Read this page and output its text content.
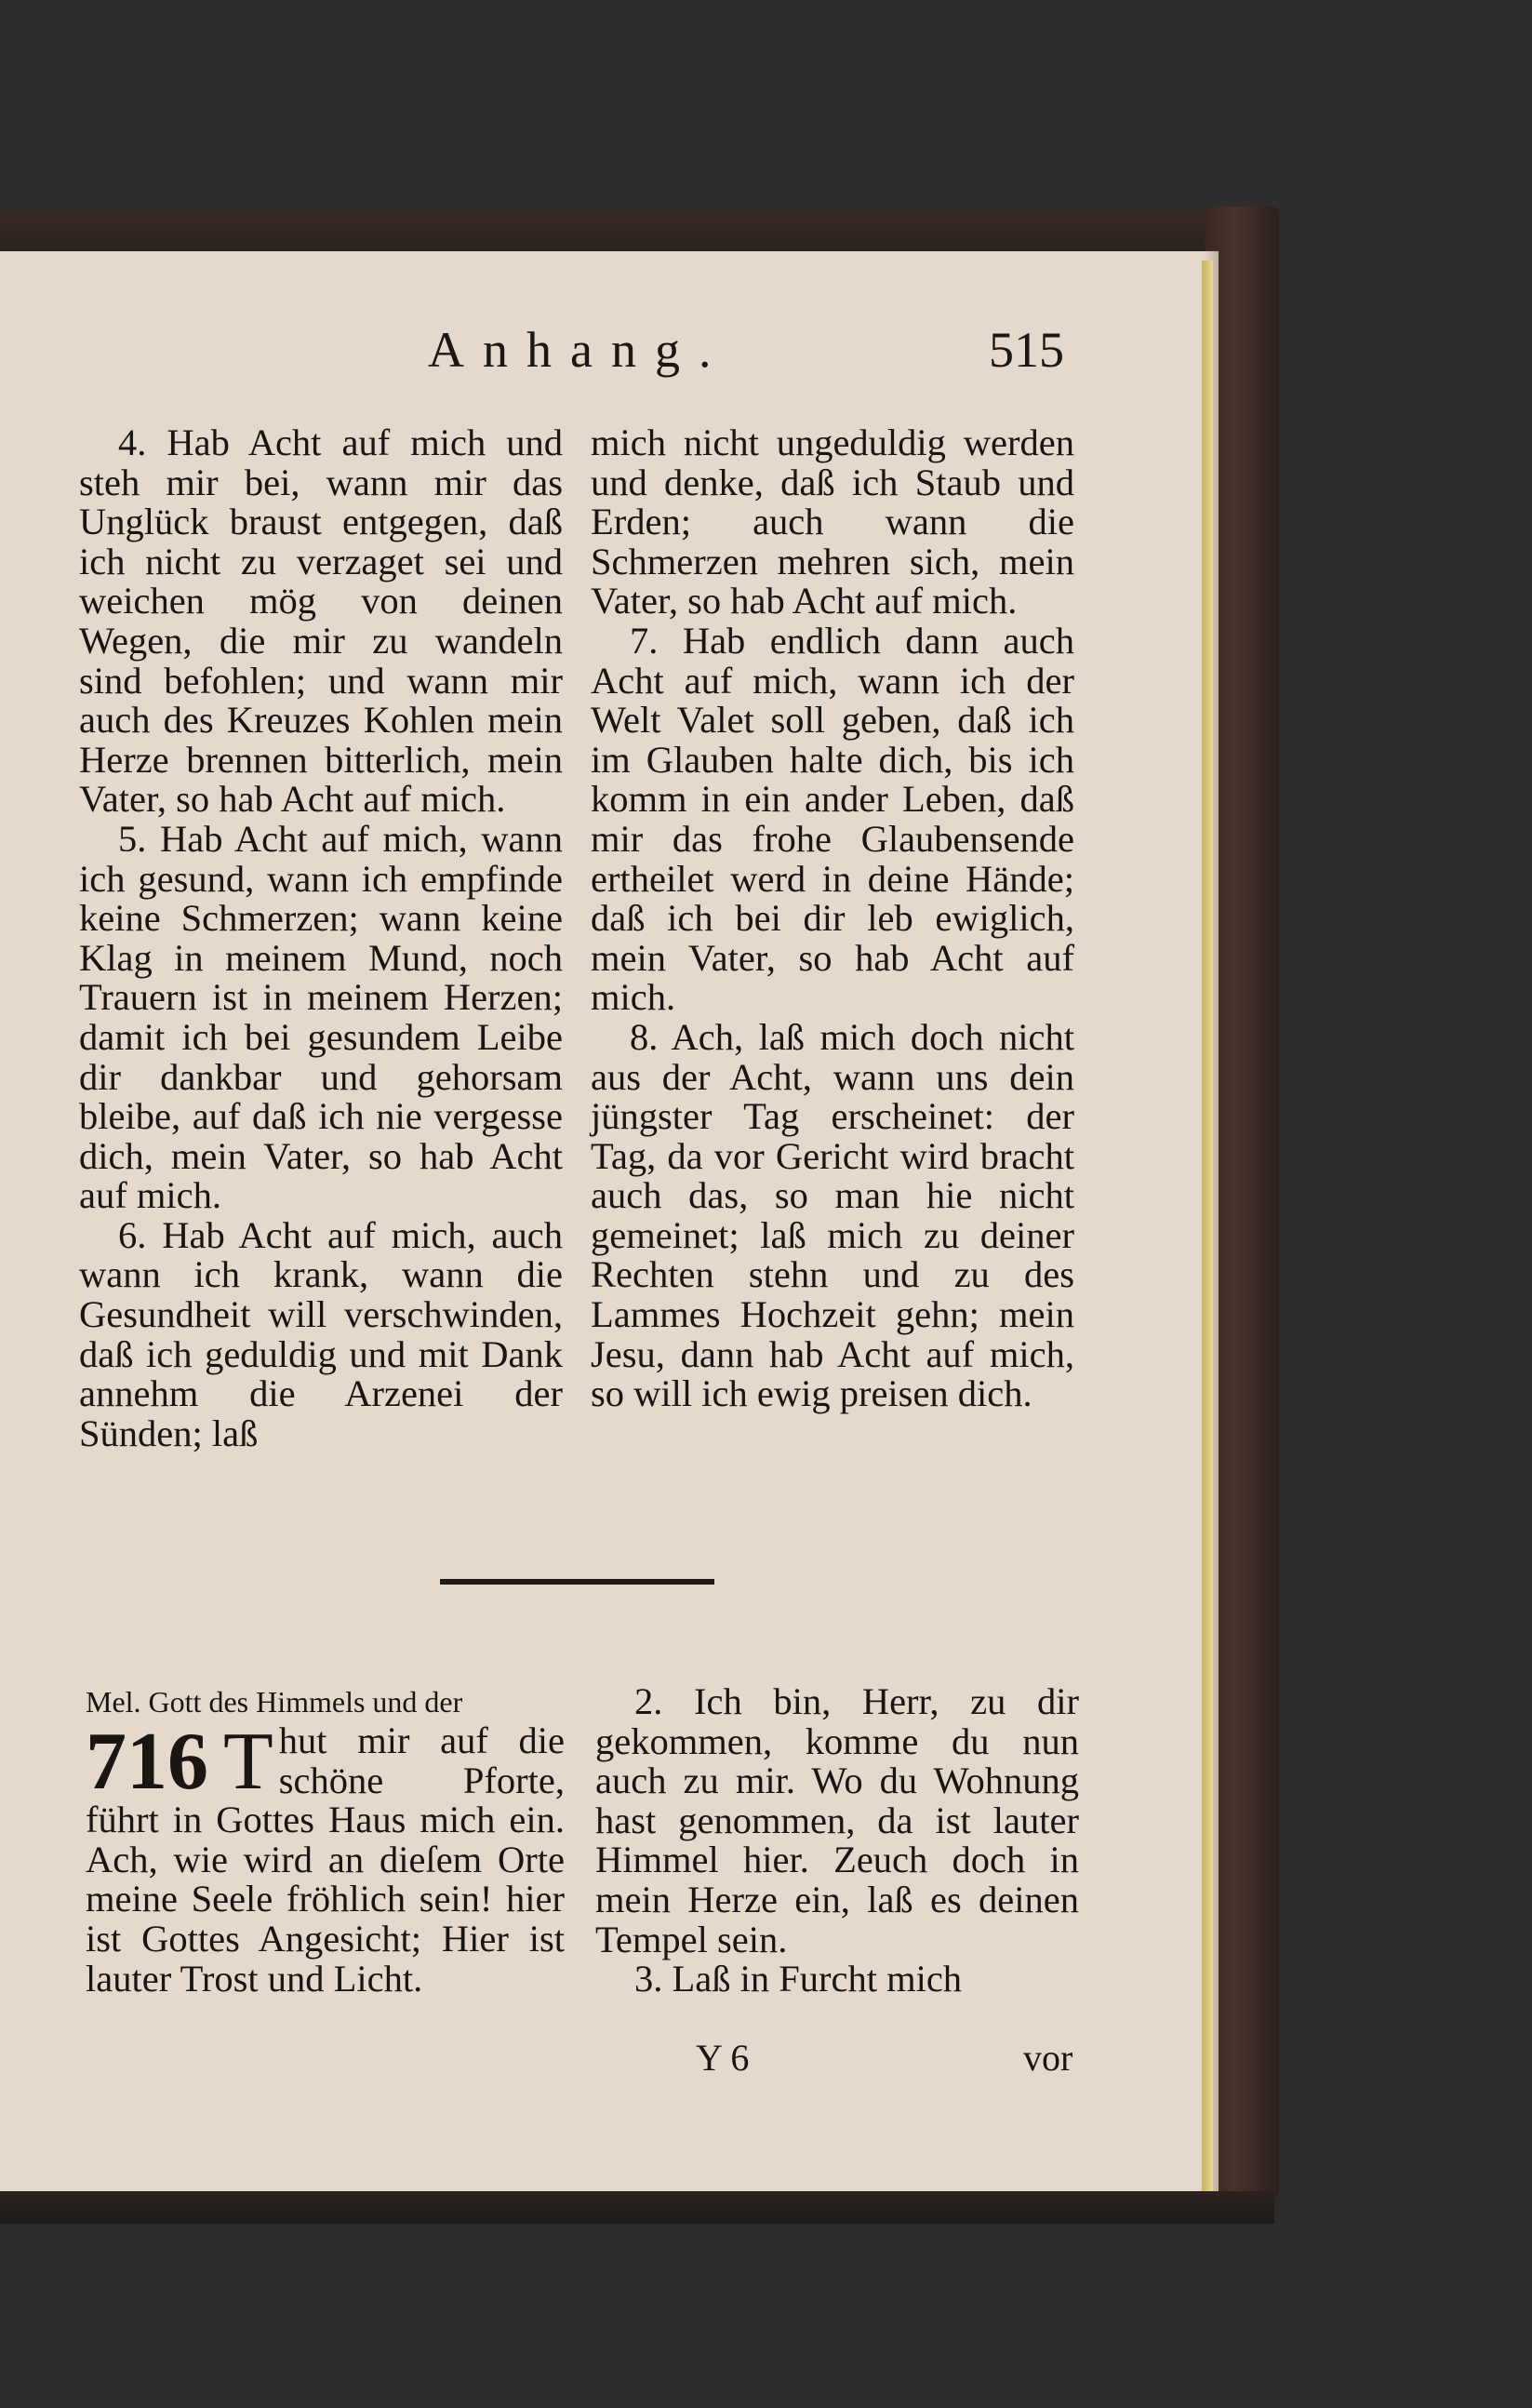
Anhang.	515

4. Hab Acht auf mich und steh mir bei, wann mir das Unglück braust entgegen, daß ich nicht zu verzaget sei und weichen mög von deinen Wegen, die mir zu wandeln sind befohlen; und wann mir auch des Kreuzes Kohlen mein Herze brennen bitterlich, mein Vater, so hab Acht auf mich.

5. Hab Acht auf mich, wann ich gesund, wann ich empfinde keine Schmerzen; wann keine Klag in meinem Mund, noch Trauern ist in meinem Herzen; damit ich bei gesundem Leibe dir dankbar und gehorsam bleibe, auf daß ich nie vergesse dich, mein Vater, so hab Acht auf mich.

6. Hab Acht auf mich, auch wann ich krank, wann die Gesundheit will verschwinden, daß ich geduldig und mit Dank annehm die Arzenei der Sünden; laß

mich nicht ungeduldig werden und denke, daß ich Staub und Erden; auch wann die Schmerzen mehren sich, mein Vater, so hab Acht auf mich.

7. Hab endlich dann auch Acht auf mich, wann ich der Welt Valet soll geben, daß ich im Glauben halte dich, bis ich komm in ein ander Leben, daß mir das frohe Glaubensende ertheilet werd in deine Hände; daß ich bei dir leb ewiglich, mein Vater, so hab Acht auf mich.

8. Ach, laß mich doch nicht aus der Acht, wann uns dein jüngster Tag erscheinet: der Tag, da vor Gericht wird bracht auch das, so man hie nicht gemeinet; laß mich zu deiner Rechten stehn und zu des Lammes Hochzeit gehn; mein Jesu, dann hab Acht auf mich, so will ich ewig preisen dich.

Mel. Gott des Himmels und der

716 T hut mir auf die schöne Pforte, führt in Gottes Haus mich ein. Ach, wie wird an dieſem Orte meine Seele fröhlich sein! hier ist Gottes Angesicht; Hier ist lauter Trost und Licht.

2. Ich bin, Herr, zu dir gekommen, komme du nun auch zu mir. Wo du Wohnung hast genommen, da ist lauter Himmel hier. Zeuch doch in mein Herze ein, laß es deinen Tempel sein.

3. Laß in Furcht mich

Y 6	vor
